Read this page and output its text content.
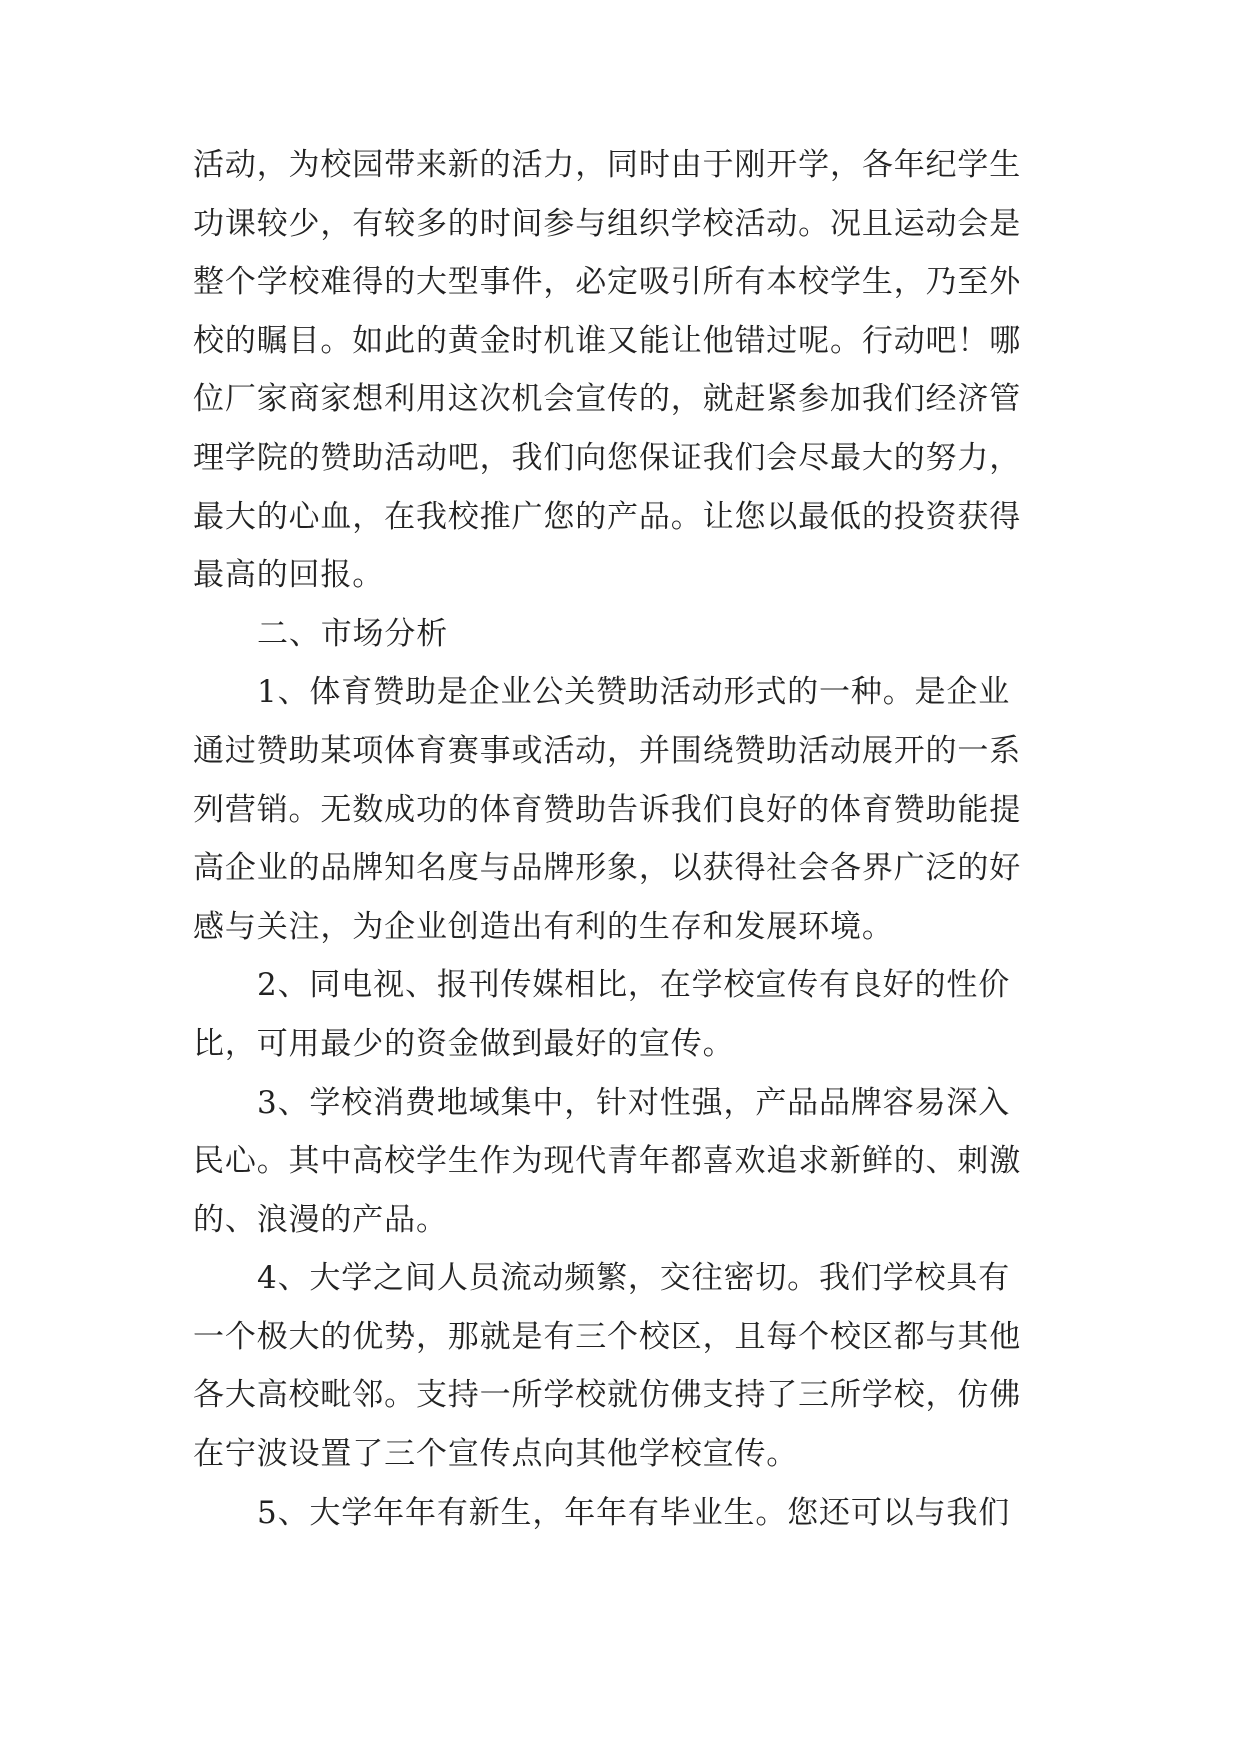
活动，为校园带来新的活力，同时由于刚开学，各年纪学生
功课较少，有较多的时间参与组织学校活动。况且运动会是
整个学校难得的大型事件，必定吸引所有本校学生，乃至外
校的瞩目。如此的黄金时机谁又能让他错过呢。行动吧！哪
位厂家商家想利用这次机会宣传的，就赶紧参加我们经济管
理学院的赞助活动吧，我们向您保证我们会尽最大的努力，
最大的心血，在我校推广您的产品。让您以最低的投资获得
最高的回报。
二、市场分析
1、体育赞助是企业公关赞助活动形式的一种。是企业
通过赞助某项体育赛事或活动，并围绕赞助活动展开的一系
列营销。无数成功的体育赞助告诉我们良好的体育赞助能提
高企业的品牌知名度与品牌形象，以获得社会各界广泛的好
感与关注，为企业创造出有利的生存和发展环境。
2、同电视、报刊传媒相比，在学校宣传有良好的性价
比，可用最少的资金做到最好的宣传。
3、学校消费地域集中，针对性强，产品品牌容易深入
民心。其中高校学生作为现代青年都喜欢追求新鲜的、刺激
的、浪漫的产品。
4、大学之间人员流动频繁，交往密切。我们学校具有
一个极大的优势，那就是有三个校区，且每个校区都与其他
各大高校毗邻。支持一所学校就仿佛支持了三所学校，仿佛
在宁波设置了三个宣传点向其他学校宣传。
5、大学年年有新生，年年有毕业生。您还可以与我们
